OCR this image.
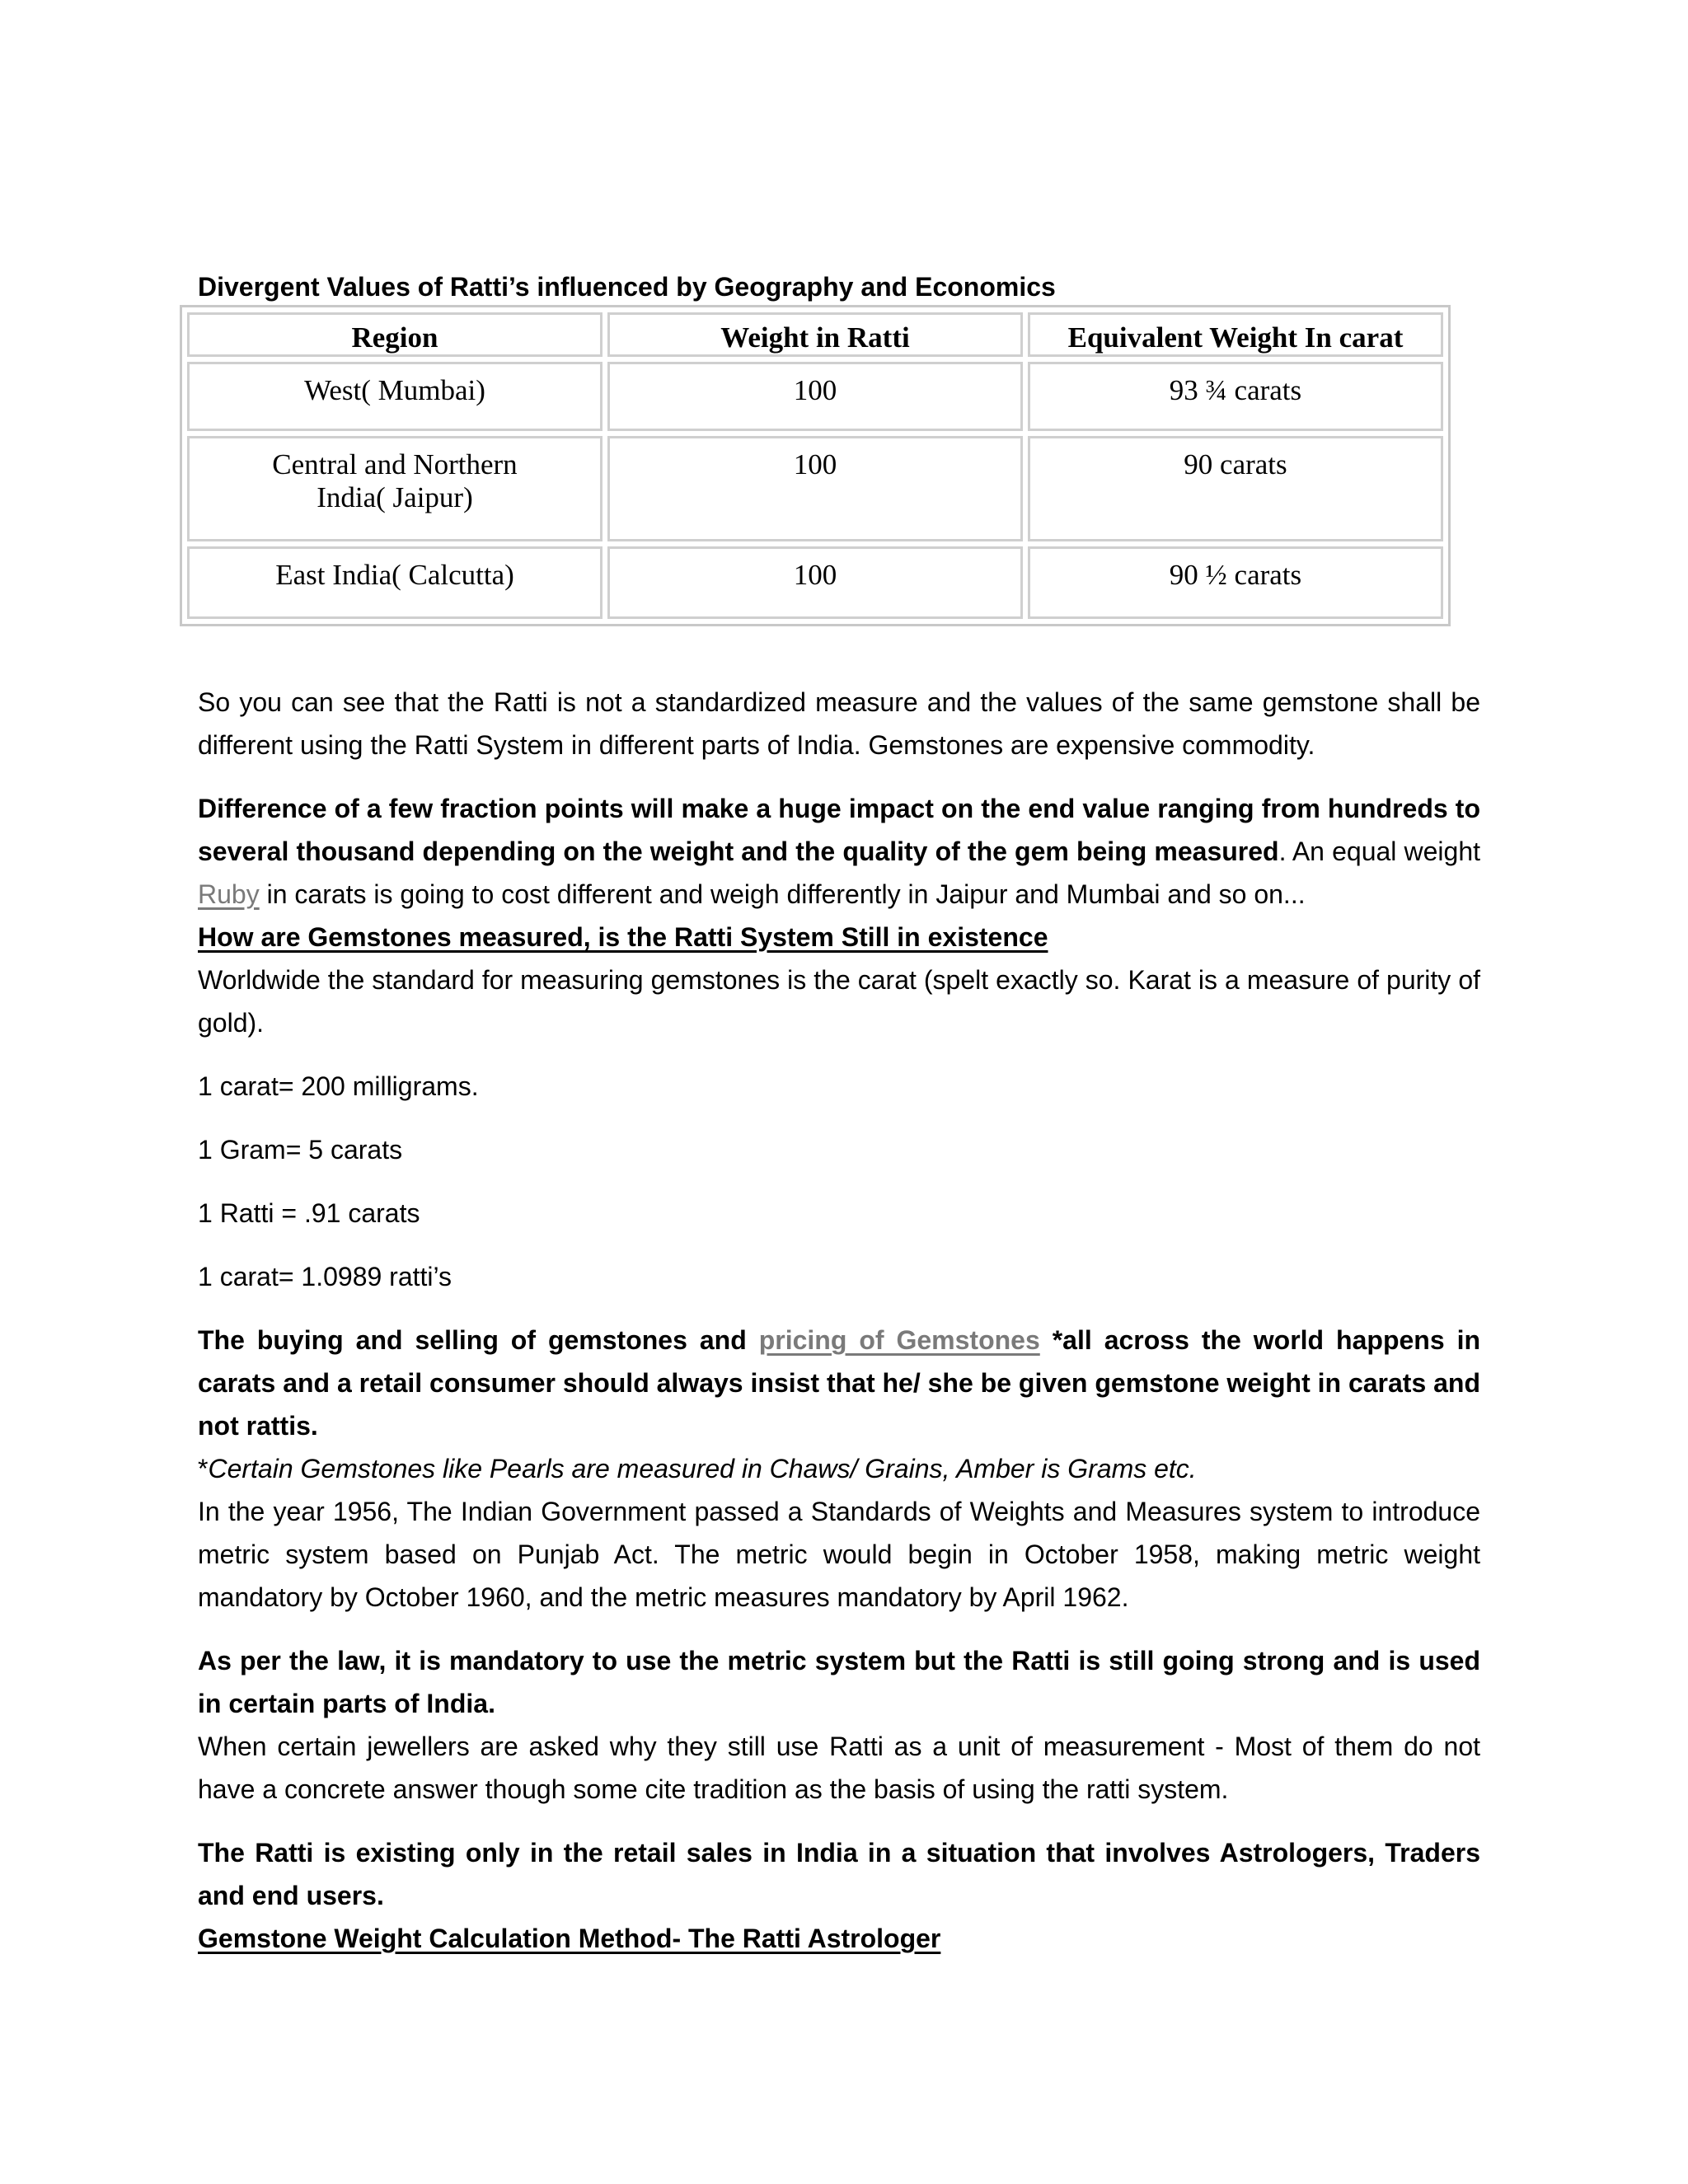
Divergent Values of Ratti’s influenced by Geography and Economics
Region	Weight in Ratti	Equivalent Weight In carat
West( Mumbai)	100	93 ¾ carats
Central and Northern
India( Jaipur)	100	90 carats
East India( Calcutta)	100	90 ½ carats

So you can see that the Ratti is not a standardized measure and the values of the same gemstone shall be different using the Ratti System in different parts of India. Gemstones are expensive commodity.

Difference of a few fraction points will make a huge impact on the end value ranging from hundreds to several thousand depending on the weight and the quality of the gem being measured. An equal weight Ruby in carats is going to cost different and weigh differently in Jaipur and Mumbai and so on...

How are Gemstones measured, is the Ratti System Still in existence

Worldwide the standard for measuring gemstones is the carat (spelt exactly so. Karat is a measure of purity of gold).

1 carat= 200 milligrams.

1 Gram= 5 carats

1 Ratti = .91 carats

1 carat= 1.0989 ratti’s

The buying and selling of gemstones and pricing of Gemstones *all across the world happens in carats and a retail consumer should always insist that he/ she be given gemstone weight in carats and not rattis.

*Certain Gemstones like Pearls are measured in Chaws/ Grains, Amber is Grams etc.

In the year 1956, The Indian Government passed a Standards of Weights and Measures system to introduce metric system based on Punjab Act. The metric would begin in October 1958, making metric weight mandatory by October 1960, and the metric measures mandatory by April 1962.

As per the law, it is mandatory to use the metric system but the Ratti is still going strong and is used in certain parts of India.

When certain jewellers are asked why they still use Ratti as a unit of measurement - Most of them do not have a concrete answer though some cite tradition as the basis of using the ratti system.

The Ratti is existing only in the retail sales in India in a situation that involves Astrologers, Traders and end users.

Gemstone Weight Calculation Method- The Ratti Astrologer
